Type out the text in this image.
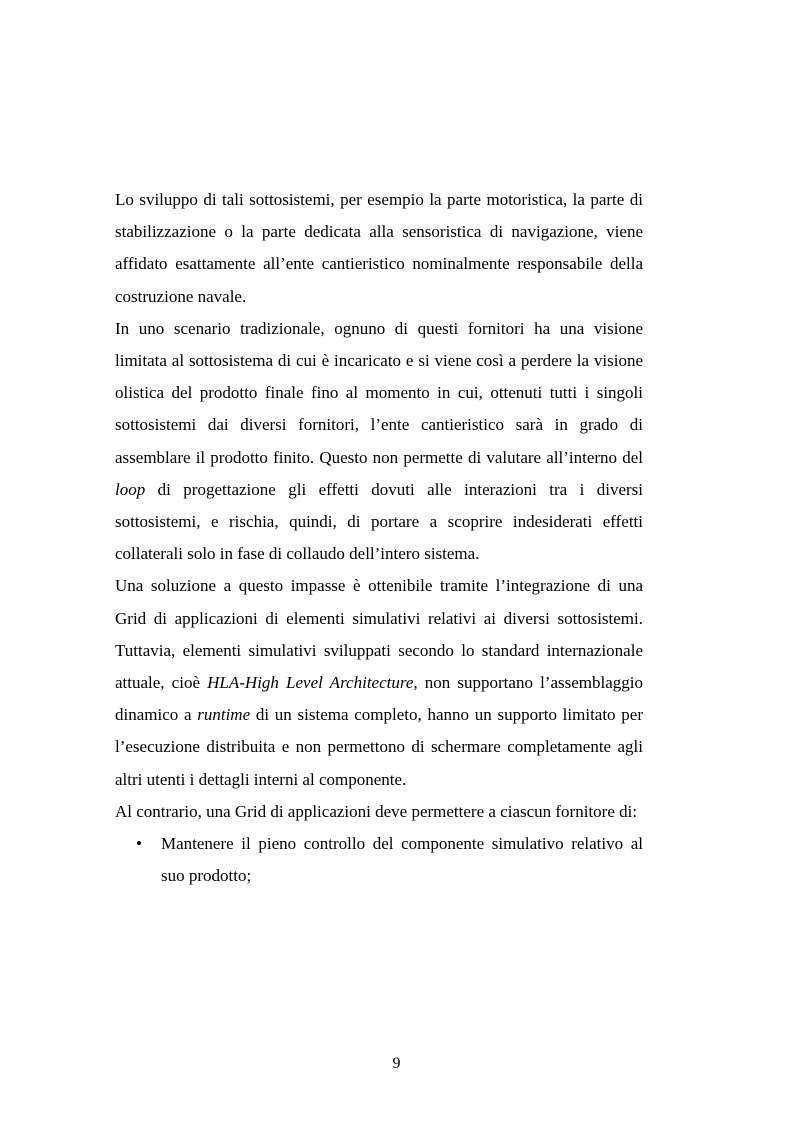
Lo sviluppo di tali sottosistemi, per esempio la parte motoristica, la parte di stabilizzazione o la parte dedicata alla sensoristica di navigazione, viene affidato esattamente all’ente cantieristico nominalmente responsabile della costruzione navale.

In uno scenario tradizionale, ognuno di questi fornitori ha una visione limitata al sottosistema di cui è incaricato e si viene così a perdere la visione olistica del prodotto finale fino al momento in cui, ottenuti tutti i singoli sottosistemi dai diversi fornitori, l’ente cantieristico sarà in grado di assemblare il prodotto finito. Questo non permette di valutare all’interno del loop di progettazione gli effetti dovuti alle interazioni tra i diversi sottosistemi, e rischia, quindi, di portare a scoprire indesiderati effetti collaterali solo in fase di collaudo dell’intero sistema.

Una soluzione a questo impasse è ottenibile tramite l’integrazione di una Grid di applicazioni di elementi simulativi relativi ai diversi sottosistemi. Tuttavia, elementi simulativi sviluppati secondo lo standard internazionale attuale, cioè HLA-High Level Architecture, non supportano l’assemblaggio dinamico a runtime di un sistema completo, hanno un supporto limitato per l’esecuzione distribuita e non permettono di schermare completamente agli altri utenti i dettagli interni al componente.

Al contrario, una Grid di applicazioni deve permettere a ciascun fornitore di:

• Mantenere il pieno controllo del componente simulativo relativo al suo prodotto;
9
